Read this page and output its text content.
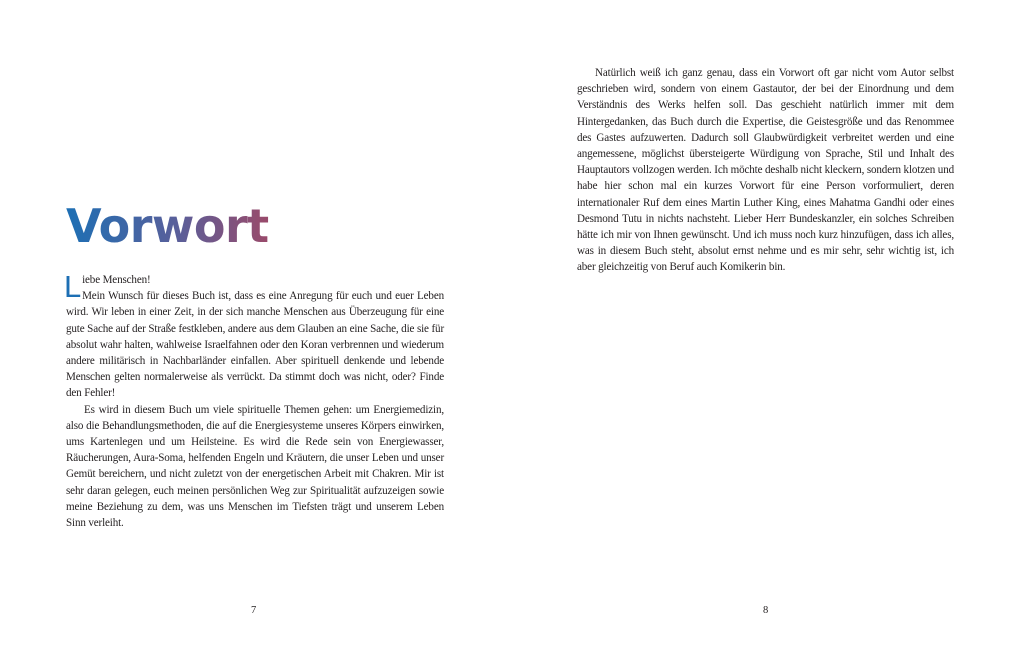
Vorwort

Liebe Menschen!

Mein Wunsch für dieses Buch ist, dass es eine Anregung für euch und euer Leben wird. Wir leben in einer Zeit, in der sich manche Menschen aus Überzeugung für eine gute Sache auf der Straße festkleben, andere aus dem Glauben an eine Sache, die sie für absolut wahr halten, wahlweise Israelfahnen oder den Koran verbrennen und wiederum andere militärisch in Nachbarländer einfallen. Aber spirituell denkende und lebende Menschen gelten normalerweise als verrückt. Da stimmt doch was nicht, oder? Finde den Fehler!

Es wird in diesem Buch um viele spirituelle Themen gehen: um Energiemedizin, also die Behandlungsmethoden, die auf die Energiesysteme unseres Körpers einwirken, ums Kartenlegen und um Heilsteine. Es wird die Rede sein von Energiewasser, Räucherungen, Aura-Soma, helfenden Engeln und Kräutern, die unser Leben und unser Gemüt bereichern, und nicht zuletzt von der energetischen Arbeit mit Chakren. Mir ist sehr daran gelegen, euch meinen persönlichen Weg zur Spiritualität aufzuzeigen sowie meine Beziehung zu dem, was uns Menschen im Tiefsten trägt und unserem Leben Sinn verleiht.

7

Natürlich weiß ich ganz genau, dass ein Vorwort oft gar nicht vom Autor selbst geschrieben wird, sondern von einem Gastautor, der bei der Einordnung und dem Verständnis des Werks helfen soll. Das geschieht natürlich immer mit dem Hintergedanken, das Buch durch die Expertise, die Geistesgröße und das Renommee des Gastes aufzuwerten. Dadurch soll Glaubwürdigkeit verbreitet werden und eine angemessene, möglichst übersteigerte Würdigung von Sprache, Stil und Inhalt des Hauptautors vollzogen werden. Ich möchte deshalb nicht kleckern, sondern klotzen und habe hier schon mal ein kurzes Vorwort für eine Person vorformuliert, deren internationaler Ruf dem eines Martin Luther King, eines Mahatma Gandhi oder eines Desmond Tutu in nichts nachsteht. Lieber Herr Bundeskanzler, ein solches Schreiben hätte ich mir von Ihnen gewünscht. Und ich muss noch kurz hinzufügen, dass ich alles, was in diesem Buch steht, absolut ernst nehme und es mir sehr, sehr wichtig ist, ich aber gleichzeitig von Beruf auch Komikerin bin.

8
